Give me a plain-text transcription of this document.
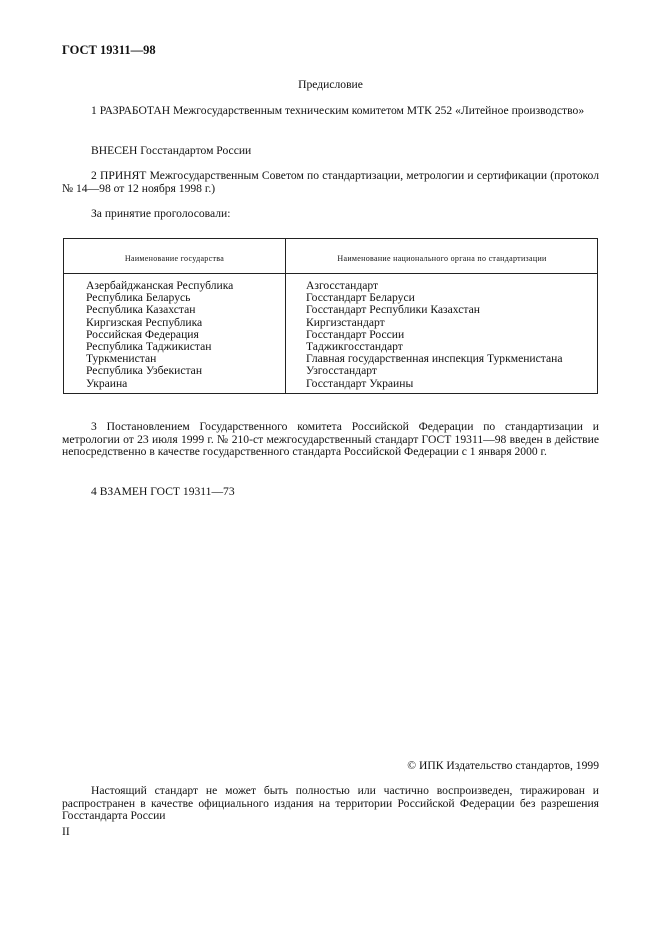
ГОСТ 19311—98
Предисловие

1 РАЗРАБОТАН Межгосударственным техническим комитетом МТК 252 «Литейное производство»

ВНЕСЕН Госстандартом России

2 ПРИНЯТ Межгосударственным Советом по стандартизации, метрологии и сертификации (протокол № 14—98 от 12 ноября 1998 г.)

За принятие проголосовали:

Наименование государства	Наименование национального органа по стандартизации
Азербайджанская Республика
Республика Беларусь
Республика Казахстан
Киргизская Республика
Российская Федерация
Республика Таджикистан
Туркменистан
Республика Узбекистан
Украина
Азгосстандарт
Госстандарт Беларуси
Госстандарт Республики Казахстан
Киргизстандарт
Госстандарт России
Таджикгосстандарт
Главная государственная инспекция Туркменистана
Узгосстандарт
Госстандарт Украины

3 Постановлением Государственного комитета Российской Федерации по стандартизации и метрологии от 23 июля 1999 г. № 210-ст межгосударственный стандарт ГОСТ 19311—98 введен в действие непосредственно в качестве государственного стандарта Российской Федерации с 1 января 2000 г.

4 ВЗАМЕН ГОСТ 19311—73

© ИПК Издательство стандартов, 1999

Настоящий стандарт не может быть полностью или частично воспроизведен, тиражирован и распространен в качестве официального издания на территории Российской Федерации без разрешения Госстандарта России

II
